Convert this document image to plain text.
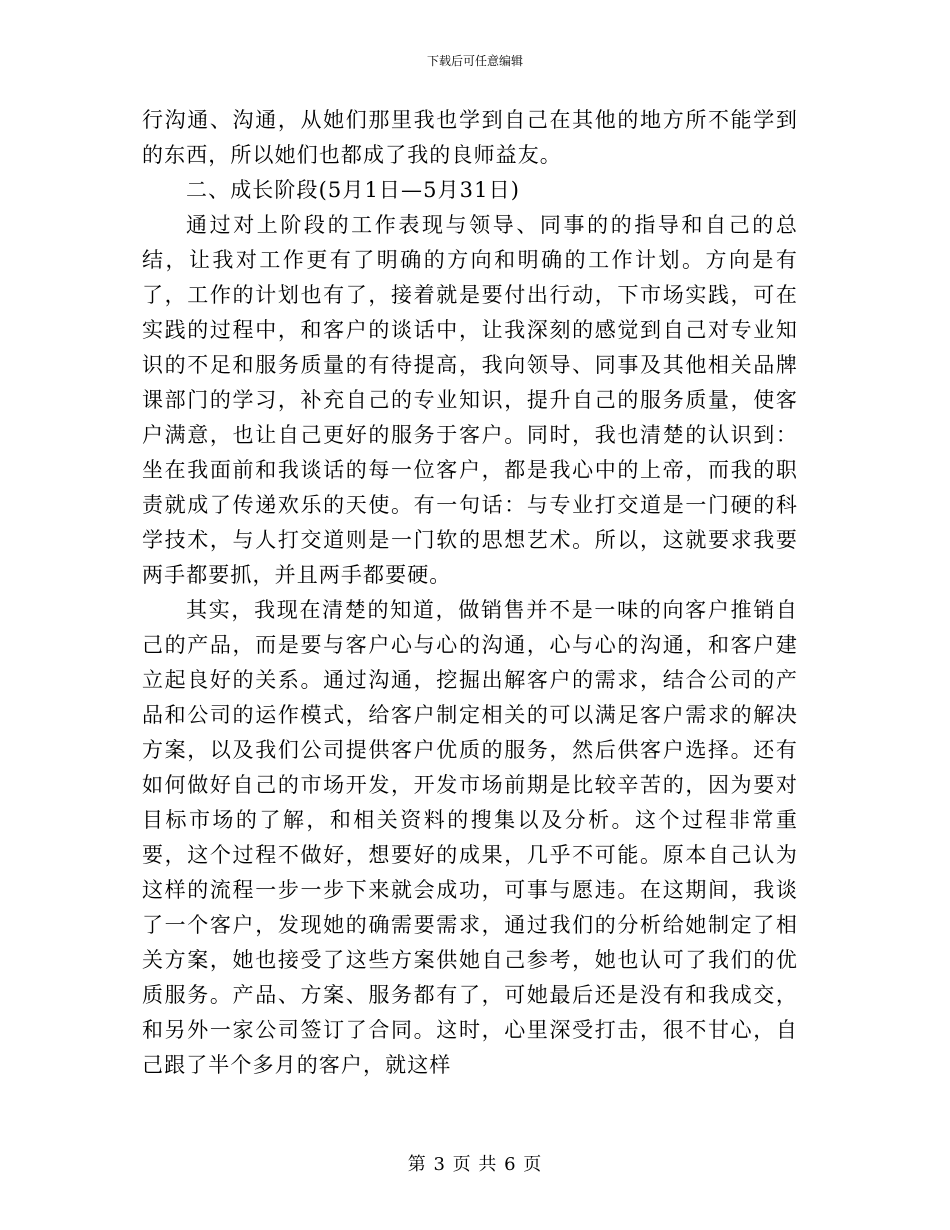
下载后可任意编辑

行沟通、沟通，从她们那里我也学到自己在其他的地方所不能学到的东西，所以她们也都成了我的良师益友。

二、成长阶段(5月1日—5月31日)

通过对上阶段的工作表现与领导、同事的的指导和自己的总结，让我对工作更有了明确的方向和明确的工作计划。方向是有了，工作的计划也有了，接着就是要付出行动，下市场实践，可在实践的过程中，和客户的谈话中，让我深刻的感觉到自己对专业知识的不足和服务质量的有待提高，我向领导、同事及其他相关品牌课部门的学习，补充自己的专业知识，提升自己的服务质量，使客户满意，也让自己更好的服务于客户。同时，我也清楚的认识到：坐在我面前和我谈话的每一位客户，都是我心中的上帝，而我的职责就成了传递欢乐的天使。有一句话：与专业打交道是一门硬的科学技术，与人打交道则是一门软的思想艺术。所以，这就要求我要两手都要抓，并且两手都要硬。

其实，我现在清楚的知道，做销售并不是一味的向客户推销自己的产品，而是要与客户心与心的沟通，心与心的沟通，和客户建立起良好的关系。通过沟通，挖掘出解客户的需求，结合公司的产品和公司的运作模式，给客户制定相关的可以满足客户需求的解决方案，以及我们公司提供客户优质的服务，然后供客户选择。还有如何做好自己的市场开发，开发市场前期是比较辛苦的，因为要对目标市场的了解，和相关资料的搜集以及分析。这个过程非常重要，这个过程不做好，想要好的成果，几乎不可能。原本自己认为这样的流程一步一步下来就会成功，可事与愿违。在这期间，我谈了一个客户，发现她的确需要需求，通过我们的分析给她制定了相关方案，她也接受了这些方案供她自己参考，她也认可了我们的优质服务。产品、方案、服务都有了，可她最后还是没有和我成交，和另外一家公司签订了合同。这时，心里深受打击，很不甘心，自己跟了半个多月的客户，就这样

第 3 页 共 6 页
